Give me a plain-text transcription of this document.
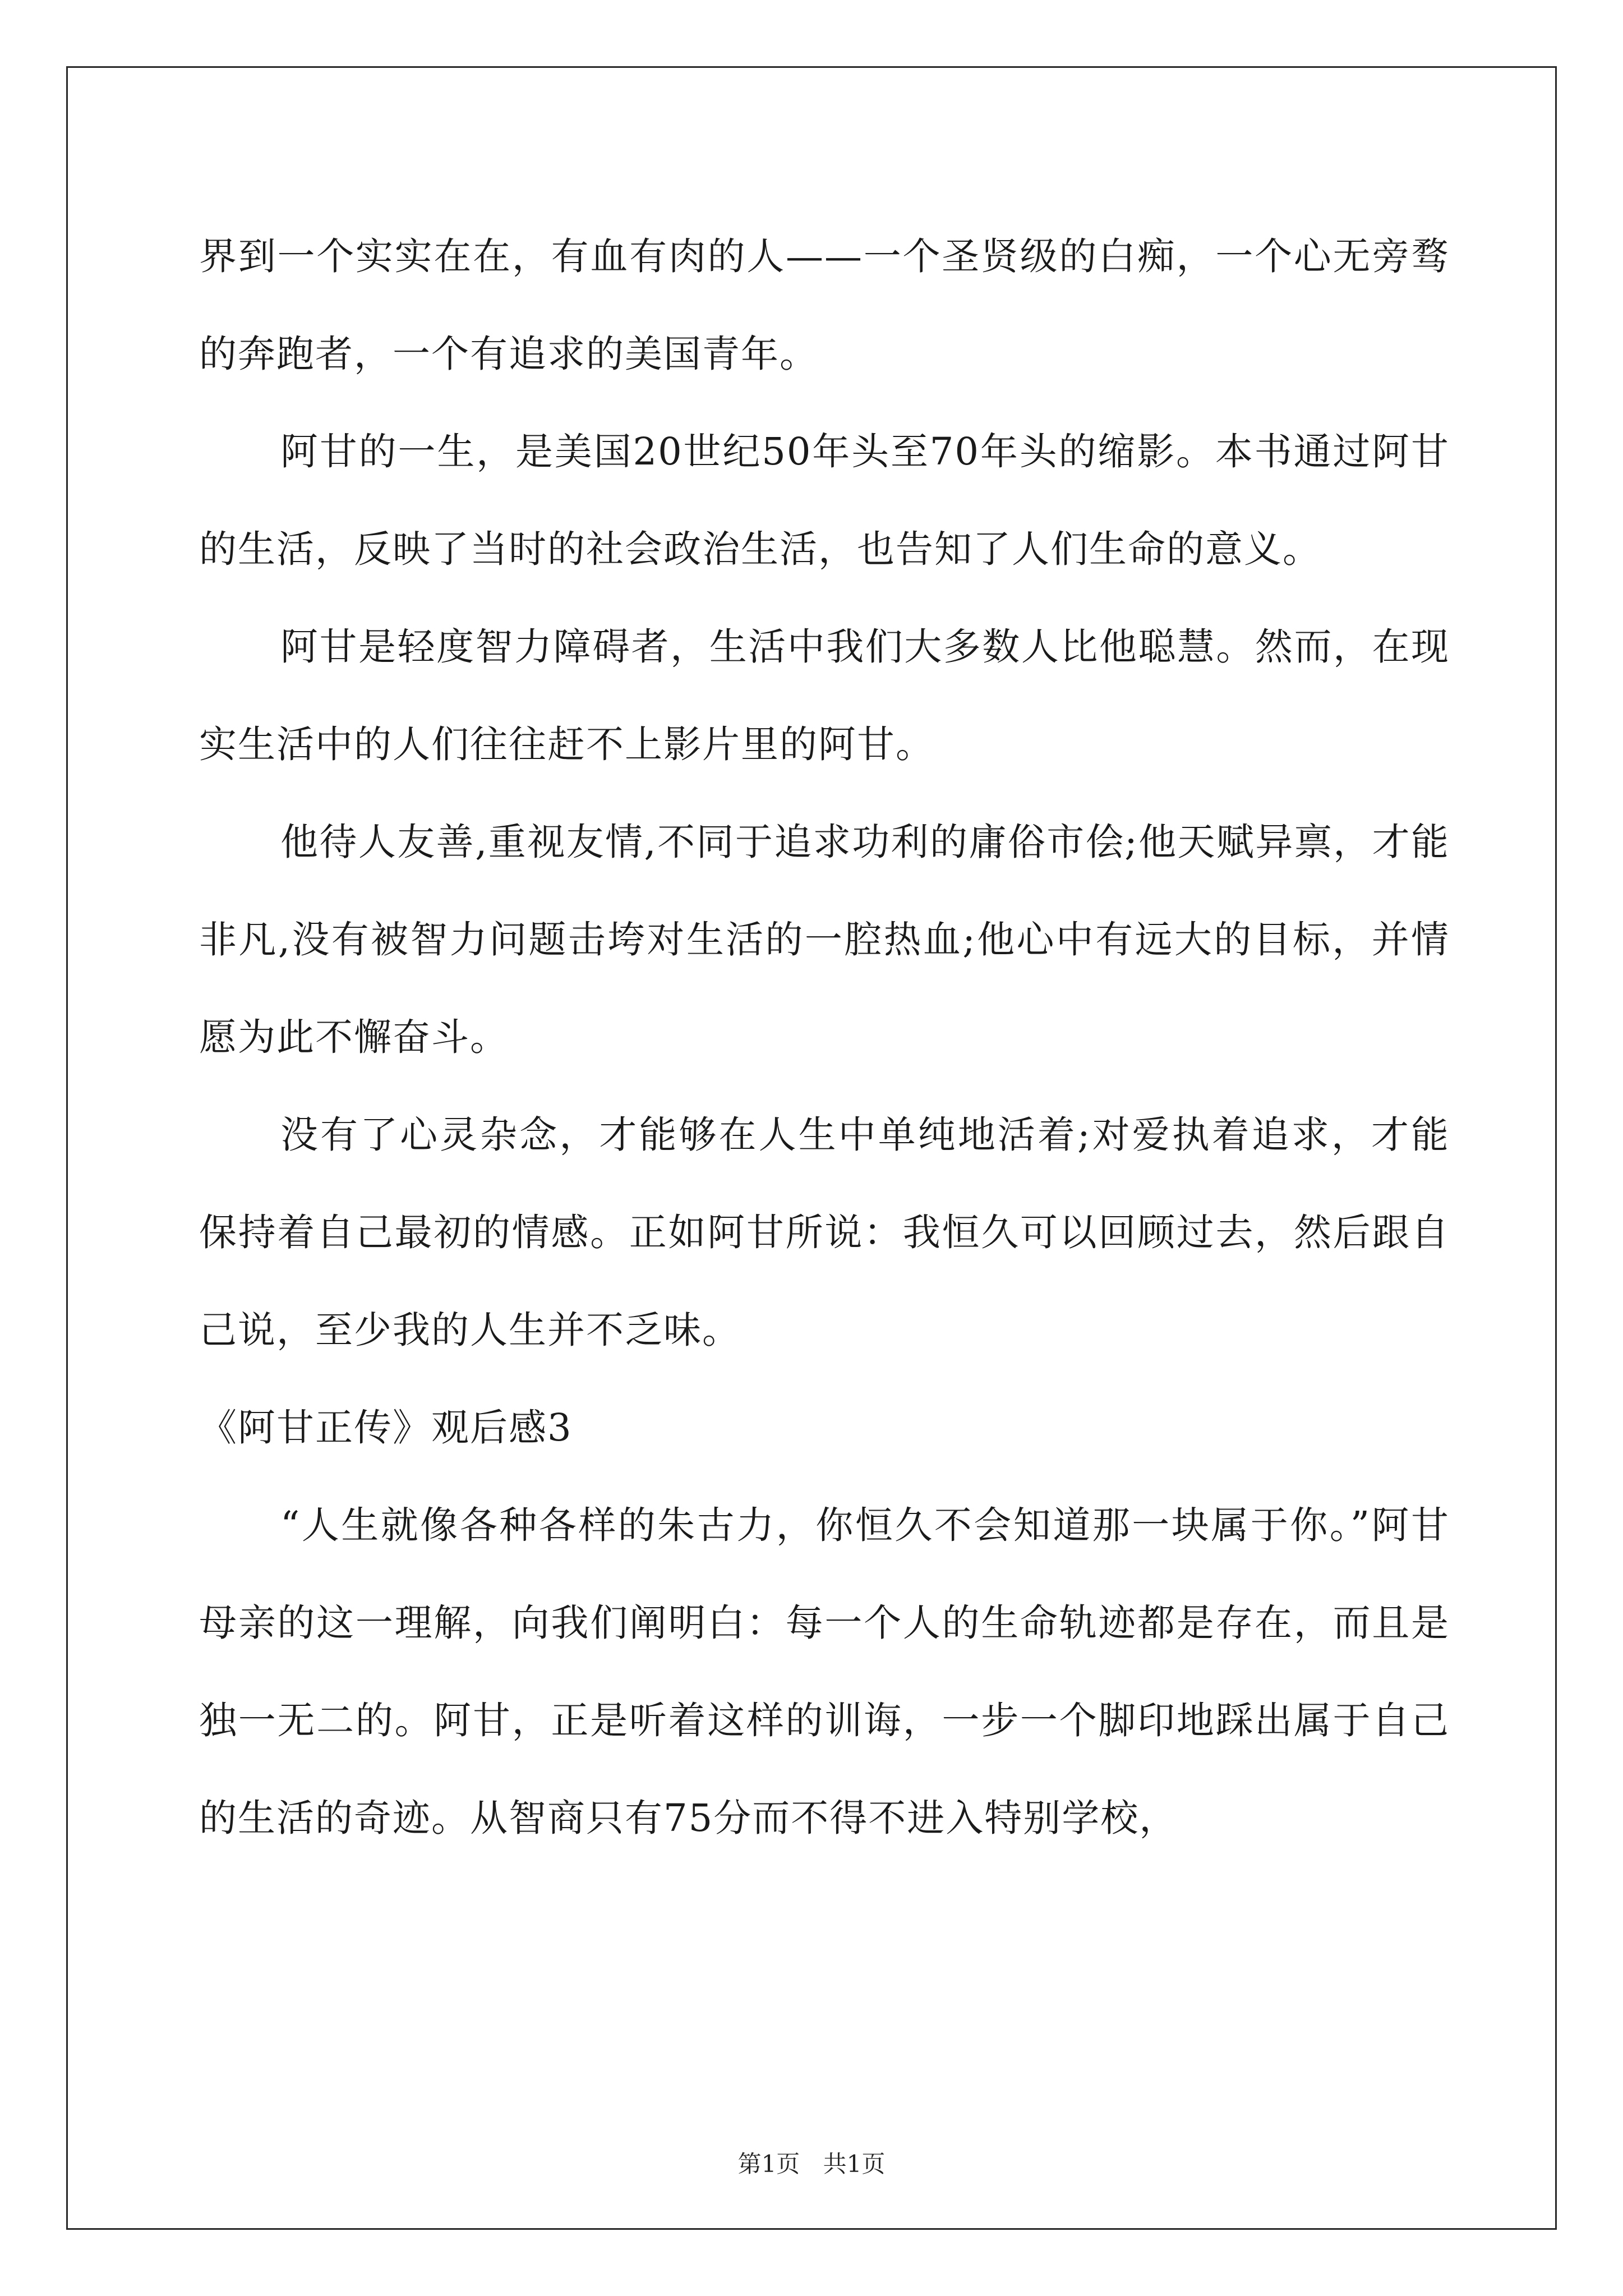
界到一个实实在在，有血有肉的人——一个圣贤级的白痴，一个心无旁骛的奔跑者，一个有追求的美国青年。

阿甘的一生，是美国20世纪50年头至70年头的缩影。本书通过阿甘的生活，反映了当时的社会政治生活，也告知了人们生命的意义。

阿甘是轻度智力障碍者，生活中我们大多数人比他聪慧。然而，在现实生活中的人们往往赶不上影片里的阿甘。

他待人友善,重视友情,不同于追求功利的庸俗市侩;他天赋异禀，才能非凡,没有被智力问题击垮对生活的一腔热血;他心中有远大的目标，并情愿为此不懈奋斗。

没有了心灵杂念，才能够在人生中单纯地活着;对爱执着追求，才能保持着自己最初的情感。正如阿甘所说：我恒久可以回顾过去，然后跟自己说，至少我的人生并不乏味。

《阿甘正传》观后感3

“人生就像各种各样的朱古力，你恒久不会知道那一块属于你。”阿甘母亲的这一理解，向我们阐明白：每一个人的生命轨迹都是存在，而且是独一无二的。阿甘，正是听着这样的训诲，一步一个脚印地踩出属于自己的生活的奇迹。从智商只有75分而不得不进入特别学校，

第1页 共1页
